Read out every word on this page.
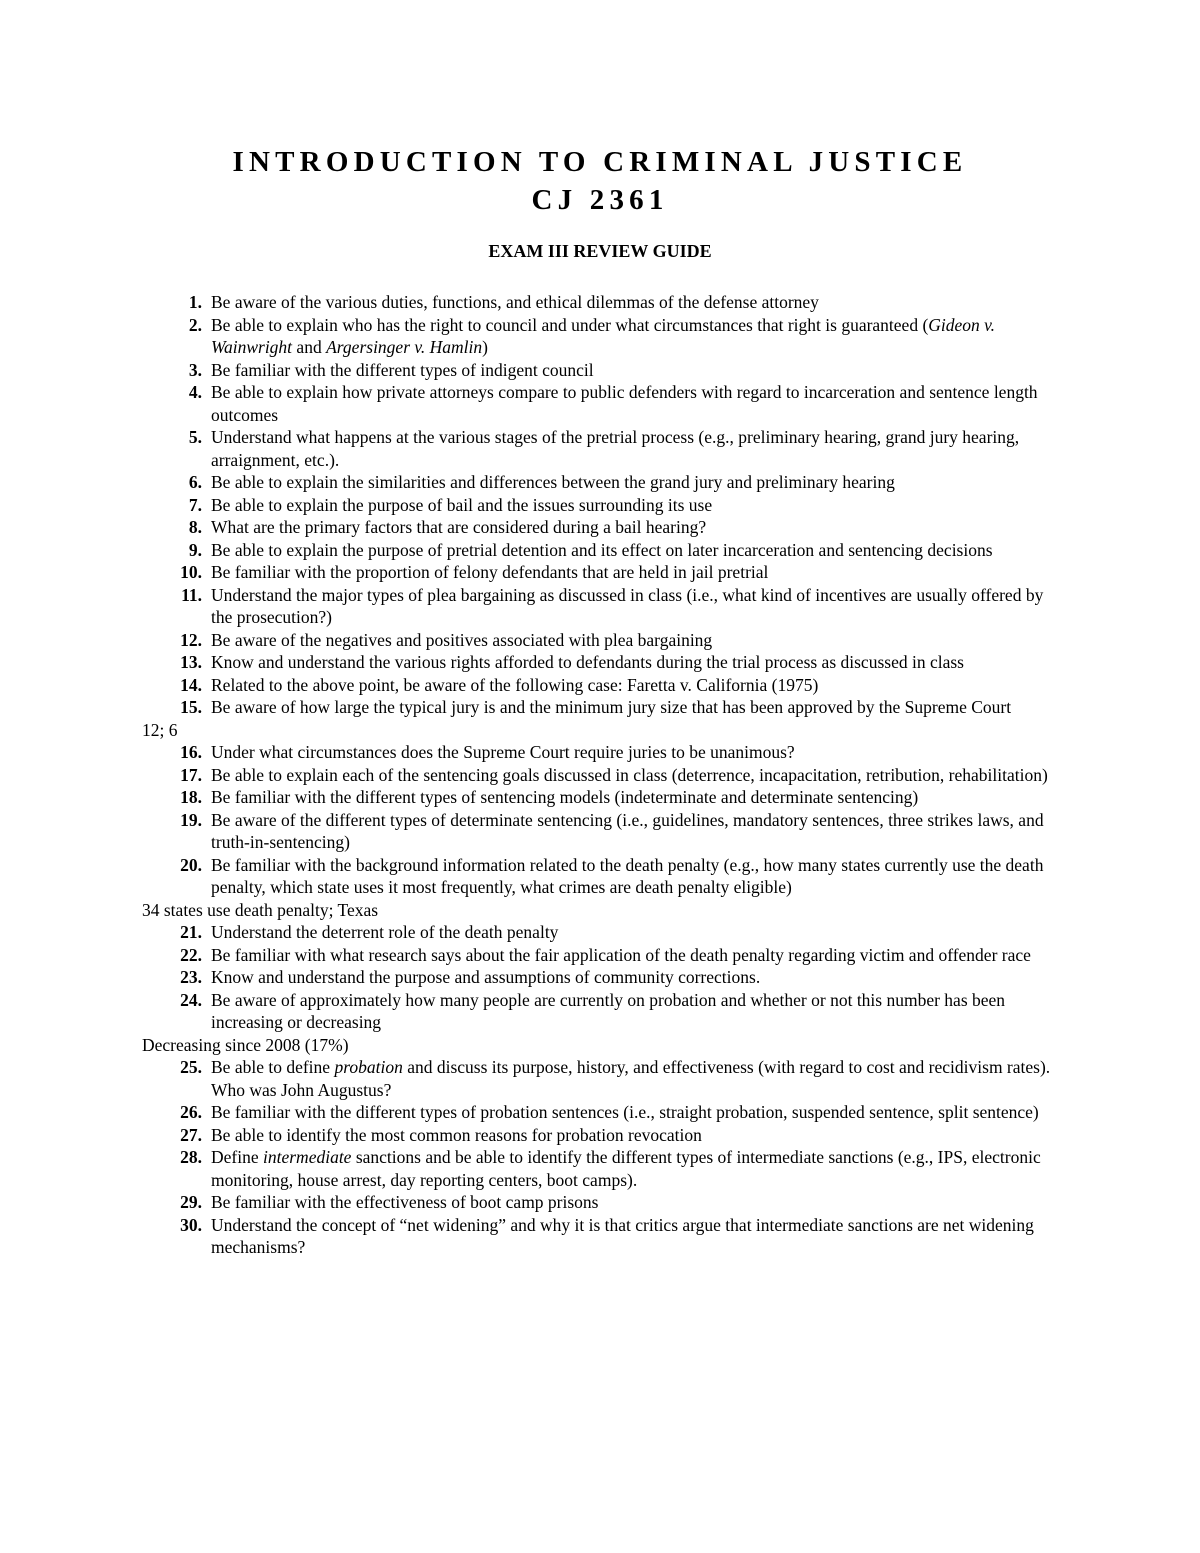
INTRODUCTION TO CRIMINAL JUSTICE
CJ 2361
EXAM III REVIEW GUIDE
1. Be aware of the various duties, functions, and ethical dilemmas of the defense attorney
2. Be able to explain who has the right to council and under what circumstances that right is guaranteed (Gideon v. Wainwright and Argersinger v. Hamlin)
3. Be familiar with the different types of indigent council
4. Be able to explain how private attorneys compare to public defenders with regard to incarceration and sentence length outcomes
5. Understand what happens at the various stages of the pretrial process (e.g., preliminary hearing, grand jury hearing, arraignment, etc.).
6. Be able to explain the similarities and differences between the grand jury and preliminary hearing
7. Be able to explain the purpose of bail and the issues surrounding its use
8. What are the primary factors that are considered during a bail hearing?
9. Be able to explain the purpose of pretrial detention and its effect on later incarceration and sentencing decisions
10. Be familiar with the proportion of felony defendants that are held in jail pretrial
11. Understand the major types of plea bargaining as discussed in class (i.e., what kind of incentives are usually offered by the prosecution?)
12. Be aware of the negatives and positives associated with plea bargaining
13. Know and understand the various rights afforded to defendants during the trial process as discussed in class
14. Related to the above point, be aware of the following case: Faretta v. California (1975)
15. Be aware of how large the typical jury is and the minimum jury size that has been approved by the Supreme Court
12; 6
16. Under what circumstances does the Supreme Court require juries to be unanimous?
17. Be able to explain each of the sentencing goals discussed in class (deterrence, incapacitation, retribution, rehabilitation)
18. Be familiar with the different types of sentencing models (indeterminate and determinate sentencing)
19. Be aware of the different types of determinate sentencing (i.e., guidelines, mandatory sentences, three strikes laws, and truth-in-sentencing)
20. Be familiar with the background information related to the death penalty (e.g., how many states currently use the death penalty, which state uses it most frequently, what crimes are death penalty eligible)
34 states use death penalty; Texas
21. Understand the deterrent role of the death penalty
22. Be familiar with what research says about the fair application of the death penalty regarding victim and offender race
23. Know and understand the purpose and assumptions of community corrections.
24. Be aware of approximately how many people are currently on probation and whether or not this number has been increasing or decreasing
Decreasing since 2008 (17%)
25. Be able to define probation and discuss its purpose, history, and effectiveness (with regard to cost and recidivism rates). Who was John Augustus?
26. Be familiar with the different types of probation sentences (i.e., straight probation, suspended sentence, split sentence)
27. Be able to identify the most common reasons for probation revocation
28. Define intermediate sanctions and be able to identify the different types of intermediate sanctions (e.g., IPS, electronic monitoring, house arrest, day reporting centers, boot camps).
29. Be familiar with the effectiveness of boot camp prisons
30. Understand the concept of “net widening” and why it is that critics argue that intermediate sanctions are net widening mechanisms?
